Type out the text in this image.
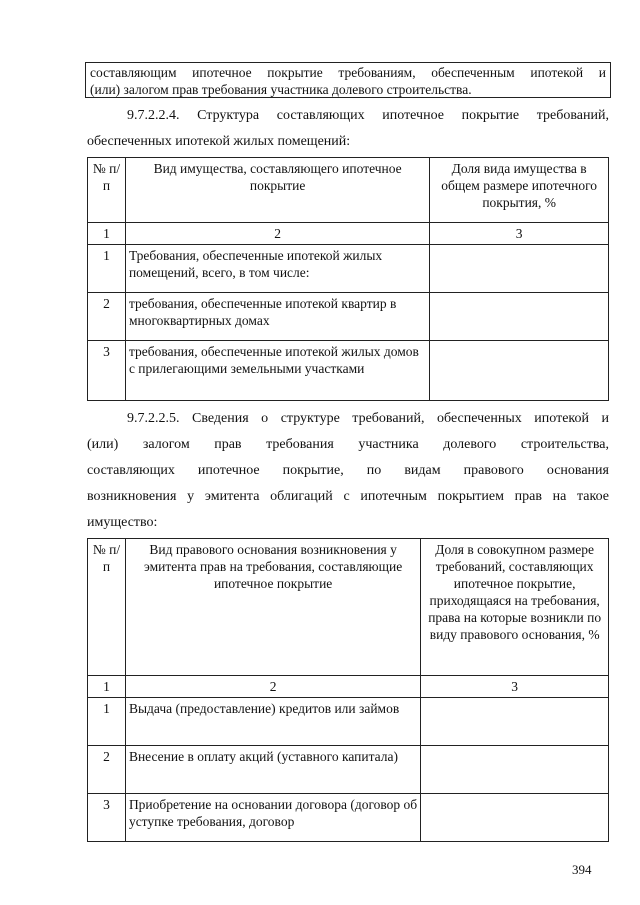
составляющим ипотечное покрытие требованиям, обеспеченным ипотекой и
(или) залогом прав требования участника долевого строительства.
9.7.2.2.4. Структура составляющих ипотечное покрытие требований,
обеспеченных ипотекой жилых помещений:
№ п/п	Вид имущества, составляющего ипотечное покрытие	Доля вида имущества в общем размере ипотечного покрытия, %
1	2	3
1	Требования, обеспеченные ипотекой жилых помещений, всего, в том числе:	
2	требования, обеспеченные ипотекой квартир в многоквартирных домах	
3	требования, обеспеченные ипотекой жилых домов с прилегающими земельными участками	
9.7.2.2.5. Сведения о структуре требований, обеспеченных ипотекой и
(или) залогом прав требования участника долевого строительства,
составляющих ипотечное покрытие, по видам правового основания
возникновения у эмитента облигаций с ипотечным покрытием прав на такое
имущество:
№ п/п	Вид правового основания возникновения у эмитента прав на требования, составляющие ипотечное покрытие	Доля в совокупном размере требований, составляющих ипотечное покрытие, приходящаяся на требования, права на которые возникли по виду правового основания, %
1	2	3
1	Выдача (предоставление) кредитов или займов	
2	Внесение в оплату акций (уставного капитала)	
3	Приобретение на основании договора (договор об уступке требования, договор	
394
